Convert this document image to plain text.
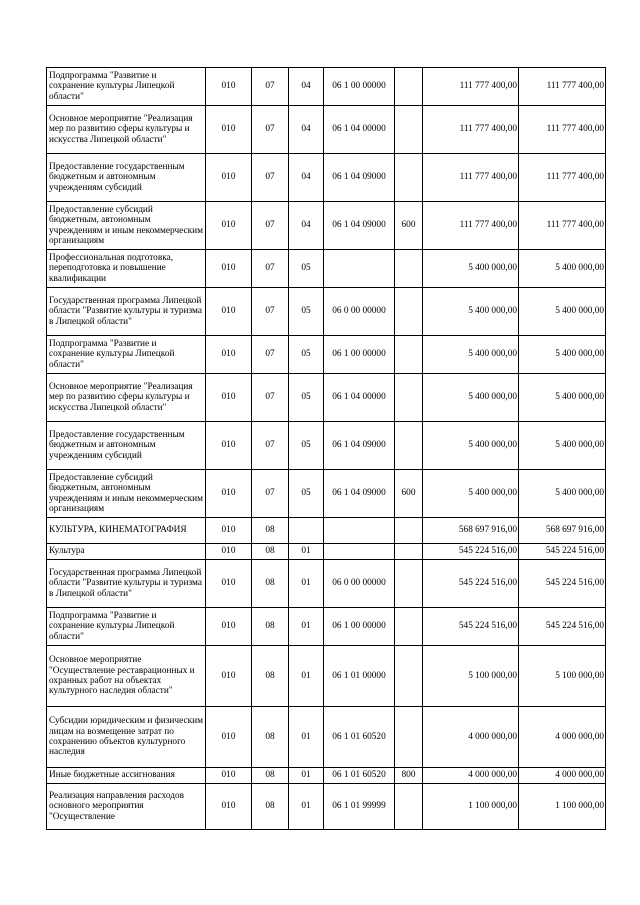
Подпрограмма "Развитие и сохранение культуры Липецкой области"	010	07	04	06 1 00 00000		111 777 400,00	111 777 400,00
Основное мероприятие "Реализация мер по развитию сферы культуры и искусства Липецкой области"	010	07	04	06 1 04 00000		111 777 400,00	111 777 400,00
Предоставление государственным бюджетным и автономным учреждениям субсидий	010	07	04	06 1 04 09000		111 777 400,00	111 777 400,00
Предоставление субсидий бюджетным, автономным учреждениям и иным некоммерческим организациям	010	07	04	06 1 04 09000	600	111 777 400,00	111 777 400,00
Профессиональная подготовка, переподготовка и повышение квалификации	010	07	05			5 400 000,00	5 400 000,00
Государственная программа Липецкой области "Развитие культуры и туризма в Липецкой области"	010	07	05	06 0 00 00000		5 400 000,00	5 400 000,00
Подпрограмма "Развитие и сохранение культуры Липецкой области"	010	07	05	06 1 00 00000		5 400 000,00	5 400 000,00
Основное мероприятие "Реализация мер по развитию сферы культуры и искусства Липецкой области"	010	07	05	06 1 04 00000		5 400 000,00	5 400 000,00
Предоставление государственным бюджетным и автономным учреждениям субсидий	010	07	05	06 1 04 09000		5 400 000,00	5 400 000,00
Предоставление субсидий бюджетным, автономным учреждениям и иным некоммерческим организациям	010	07	05	06 1 04 09000	600	5 400 000,00	5 400 000,00
КУЛЬТУРА, КИНЕМАТОГРАФИЯ	010	08				568 697 916,00	568 697 916,00
Культура	010	08	01			545 224 516,00	545 224 516,00
Государственная программа Липецкой области "Развитие культуры и туризма в Липецкой области"	010	08	01	06 0 00 00000		545 224 516,00	545 224 516,00
Подпрограмма "Развитие и сохранение культуры Липецкой области"	010	08	01	06 1 00 00000		545 224 516,00	545 224 516,00
Основное мероприятие "Осуществление реставрационных и охранных работ на объектах культурного наследия области"	010	08	01	06 1 01 00000		5 100 000,00	5 100 000,00
Субсидии юридическим и физическим лицам на возмещение затрат по сохранению объектов культурного наследия	010	08	01	06 1 01 60520		4 000 000,00	4 000 000,00
Иные бюджетные ассигнования	010	08	01	06 1 01 60520	800	4 000 000,00	4 000 000,00
Реализация направления расходов основного мероприятия "Осуществление	010	08	01	06 1 01 99999		1 100 000,00	1 100 000,00
